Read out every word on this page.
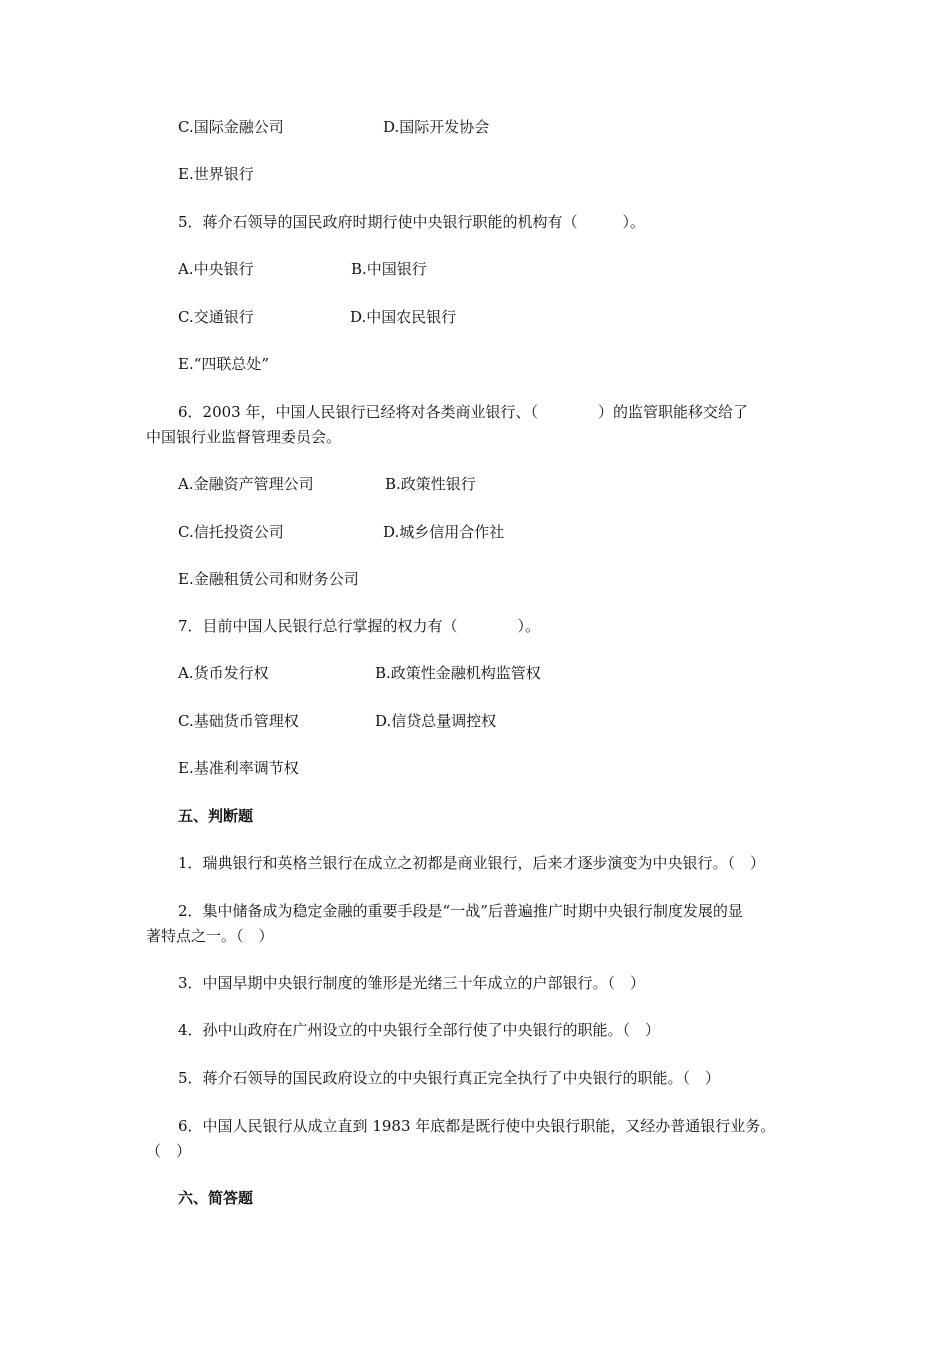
C.国际金融公司	D.国际开发协会
E.世界银行
5．蒋介石领导的国民政府时期行使中央银行职能的机构有（　　　）。
A.中央银行	B.中国银行
C.交通银行	D.中国农民银行
E.“四联总处”
6．2003 年，中国人民银行已经将对各类商业银行、（　　　　）的监管职能移交给了
中国银行业监督管理委员会。
A.金融资产管理公司	B.政策性银行
C.信托投资公司	D.城乡信用合作社
E.金融租赁公司和财务公司
7．目前中国人民银行总行掌握的权力有（　　　　）。
A.货币发行权	B.政策性金融机构监管权
C.基础货币管理权	D.信贷总量调控权
E.基准利率调节权
五、判断题
1．瑞典银行和英格兰银行在成立之初都是商业银行，后来才逐步演变为中央银行。（　）
2．集中储备成为稳定金融的重要手段是“一战”后普遍推广时期中央银行制度发展的显
著特点之一。（　）
3．中国早期中央银行制度的雏形是光绪三十年成立的户部银行。（　）
4．孙中山政府在广州设立的中央银行全部行使了中央银行的职能。（　）
5．蒋介石领导的国民政府设立的中央银行真正完全执行了中央银行的职能。（　）
6．中国人民银行从成立直到 1983 年底都是既行使中央银行职能，又经办普通银行业务。
（　）
六、简答题
